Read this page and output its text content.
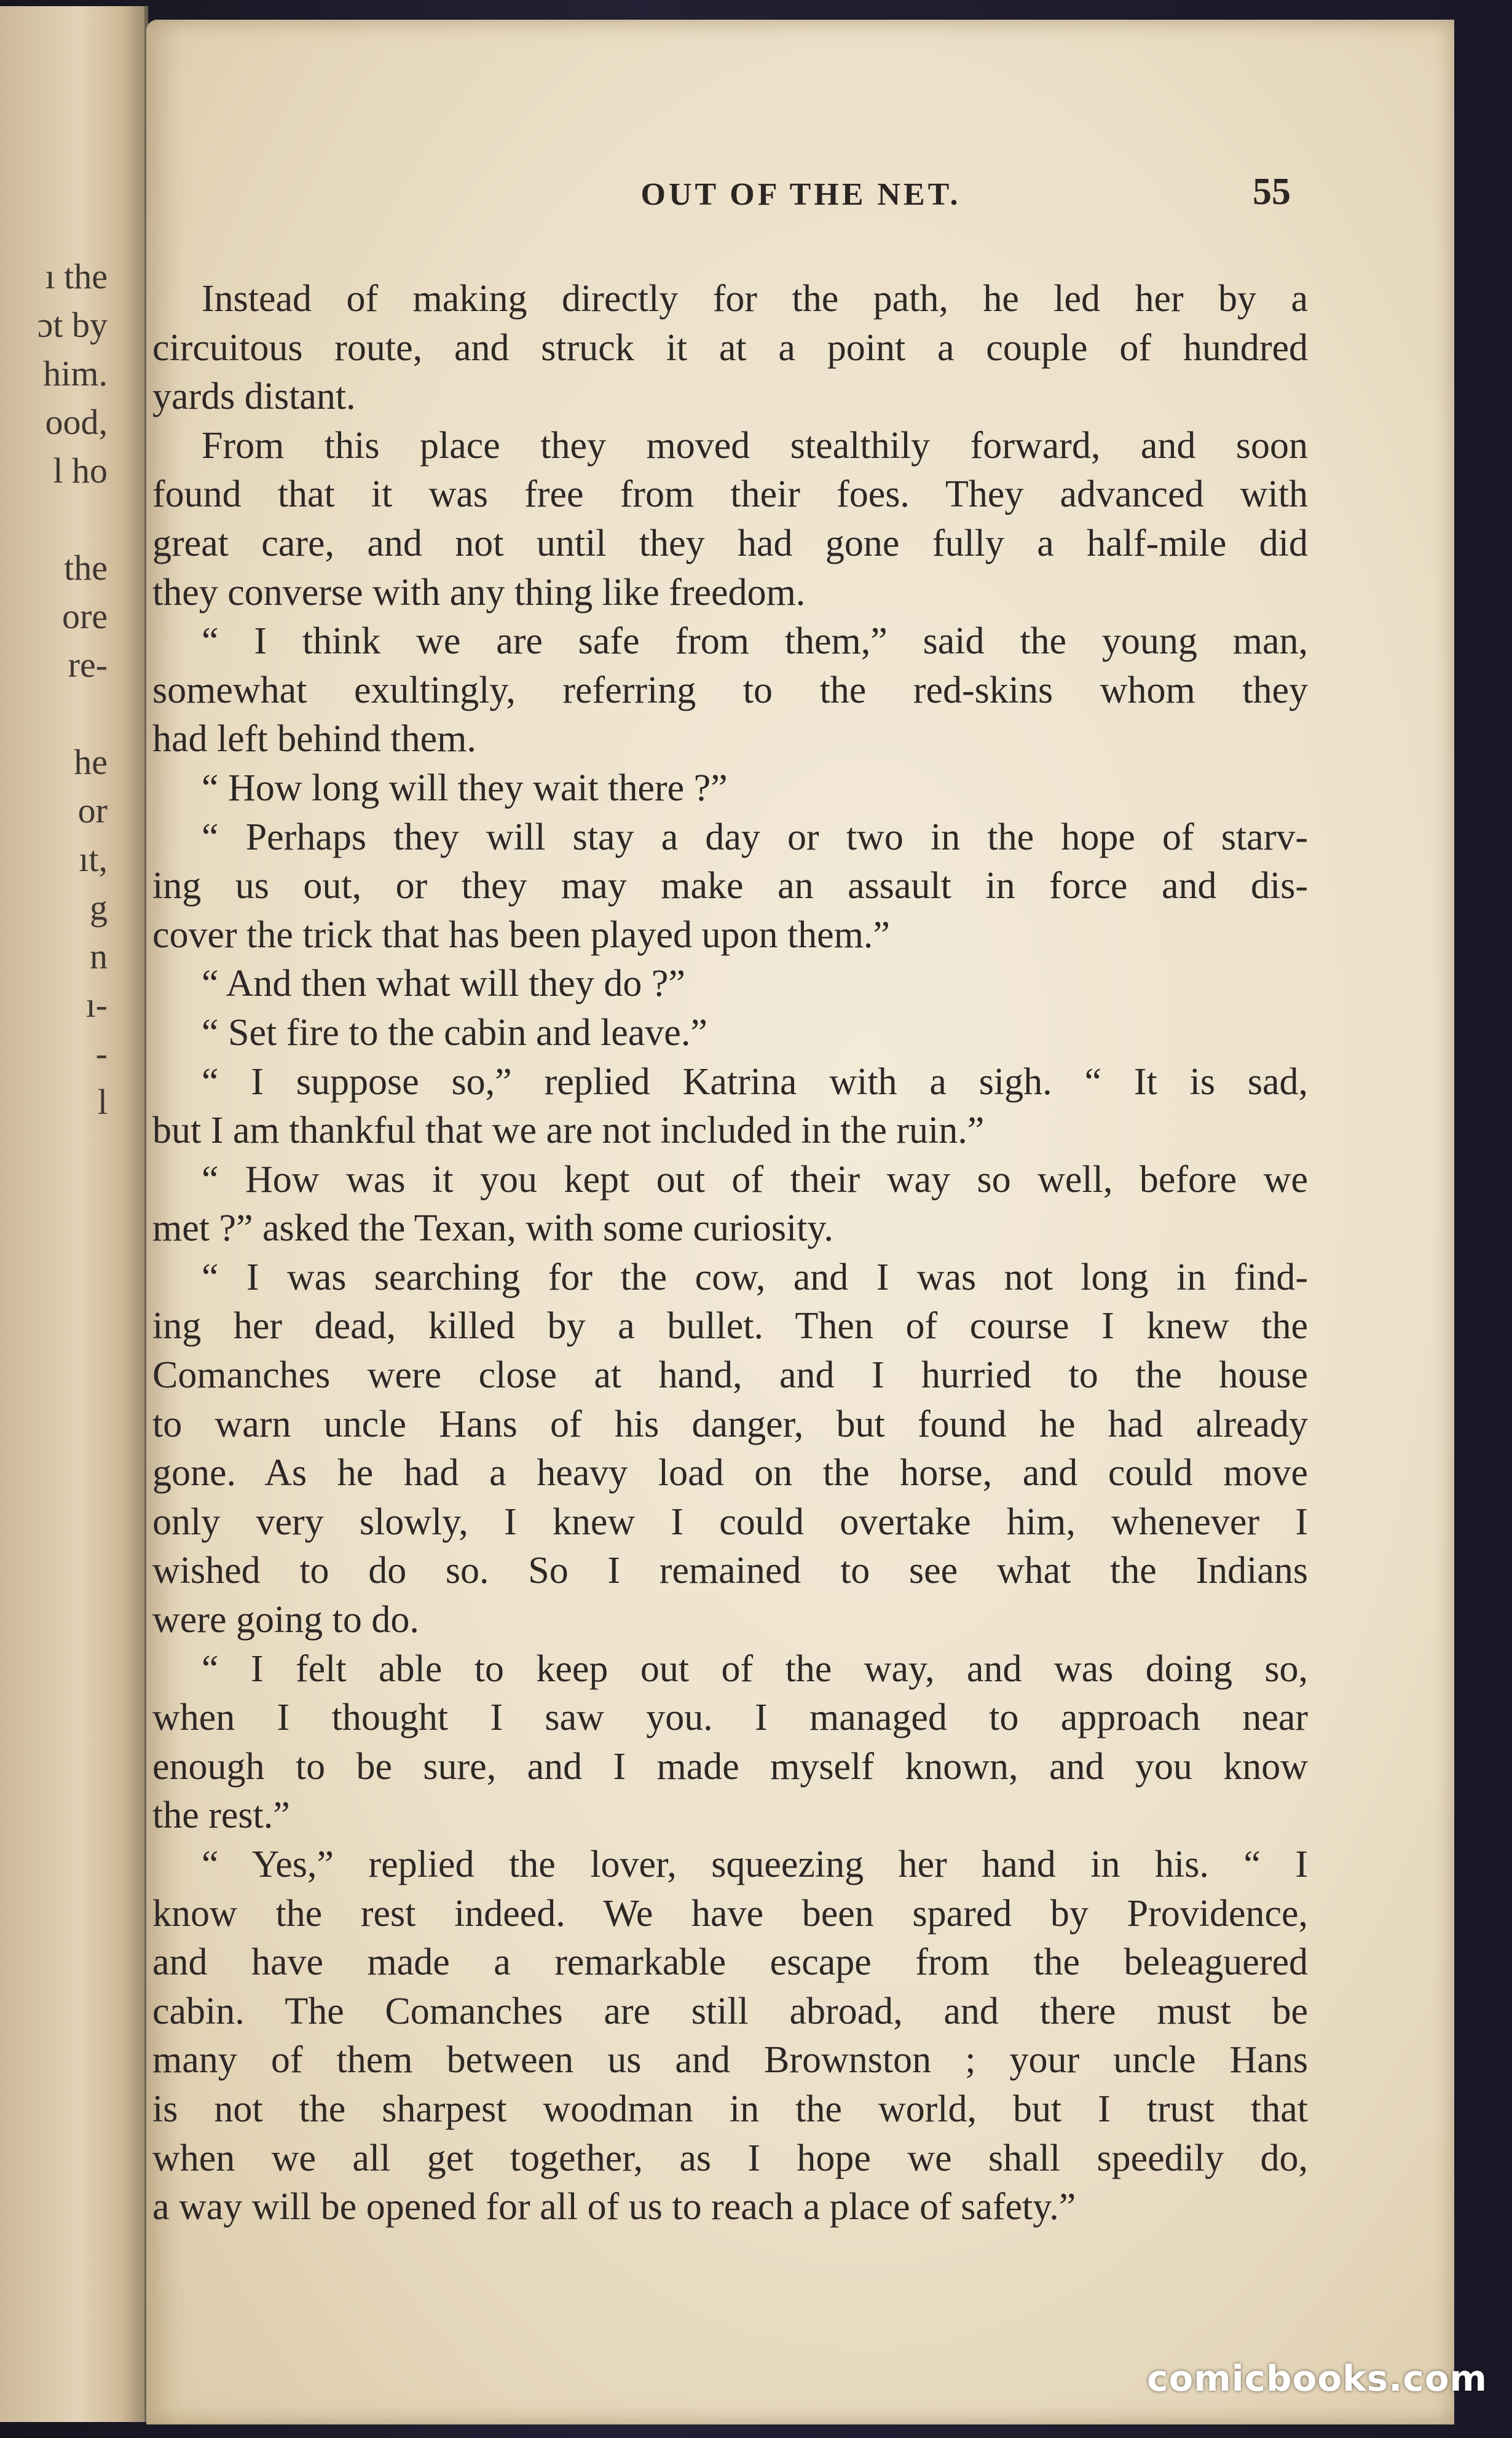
ı the
ɔt by
him.
ood,
l ho
the
ore
re-
he
or
ıt,
g
n
ı-
-
l
OUT OF THE NET.	55
Instead of making directly for the path, he led her by a
circuitous route, and struck it at a point a couple of hundred
yards distant.
From this place they moved stealthily forward, and soon
found that it was free from their foes. They advanced with
great care, and not until they had gone fully a half-mile did
they converse with any thing like freedom.
“ I think we are safe from them,” said the young man,
somewhat exultingly, referring to the red-skins whom they
had left behind them.
“ How long will they wait there ?”
“ Perhaps they will stay a day or two in the hope of starv-
ing us out, or they may make an assault in force and dis-
cover the trick that has been played upon them.”
“ And then what will they do ?”
“ Set fire to the cabin and leave.”
“ I suppose so,” replied Katrina with a sigh. “ It is sad,
but I am thankful that we are not included in the ruin.”
“ How was it you kept out of their way so well, before we
met ?” asked the Texan, with some curiosity.
“ I was searching for the cow, and I was not long in find-
ing her dead, killed by a bullet. Then of course I knew the
Comanches were close at hand, and I hurried to the house
to warn uncle Hans of his danger, but found he had already
gone. As he had a heavy load on the horse, and could move
only very slowly, I knew I could overtake him, whenever I
wished to do so. So I remained to see what the Indians
were going to do.
“ I felt able to keep out of the way, and was doing so,
when I thought I saw you. I managed to approach near
enough to be sure, and I made myself known, and you know
the rest.”
“ Yes,” replied the lover, squeezing her hand in his. “ I
know the rest indeed. We have been spared by Providence,
and have made a remarkable escape from the beleaguered
cabin. The Comanches are still abroad, and there must be
many of them between us and Brownston ; your uncle Hans
is not the sharpest woodman in the world, but I trust that
when we all get together, as I hope we shall speedily do,
a way will be opened for all of us to reach a place of safety.”
comicbooks.com
